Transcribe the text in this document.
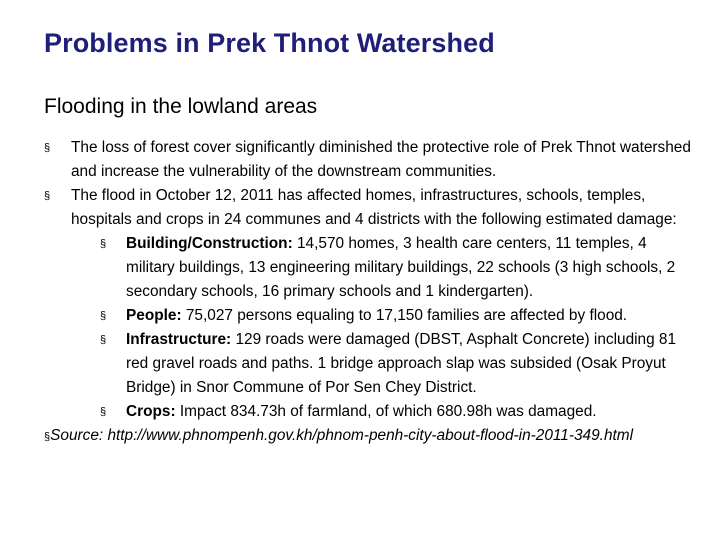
Problems in Prek Thnot Watershed
Flooding in the lowland areas
§ The loss of forest cover significantly diminished the protective role of Prek Thnot watershed and increase the vulnerability of the downstream communities.
§ The flood in October 12, 2011 has affected homes, infrastructures, schools, temples, hospitals and crops in 24 communes and 4 districts with the following estimated damage:
§ Building/Construction: 14,570 homes, 3 health care centers, 11 temples, 4 military buildings, 13 engineering military buildings, 22 schools (3 high schools, 2 secondary schools, 16 primary schools and 1 kindergarten).
§ People: 75,027 persons equaling to 17,150 families are affected by flood.
§ Infrastructure: 129 roads were damaged (DBST, Asphalt Concrete) including 81 red gravel roads and paths. 1 bridge approach slap was subsided (Osak Proyut Bridge) in Snor Commune of Por Sen Chey District.
§ Crops: Impact 834.73h of farmland, of which 680.98h was damaged.
§Source: http://www.phnompenh.gov.kh/phnom-penh-city-about-flood-in-2011-349.html
